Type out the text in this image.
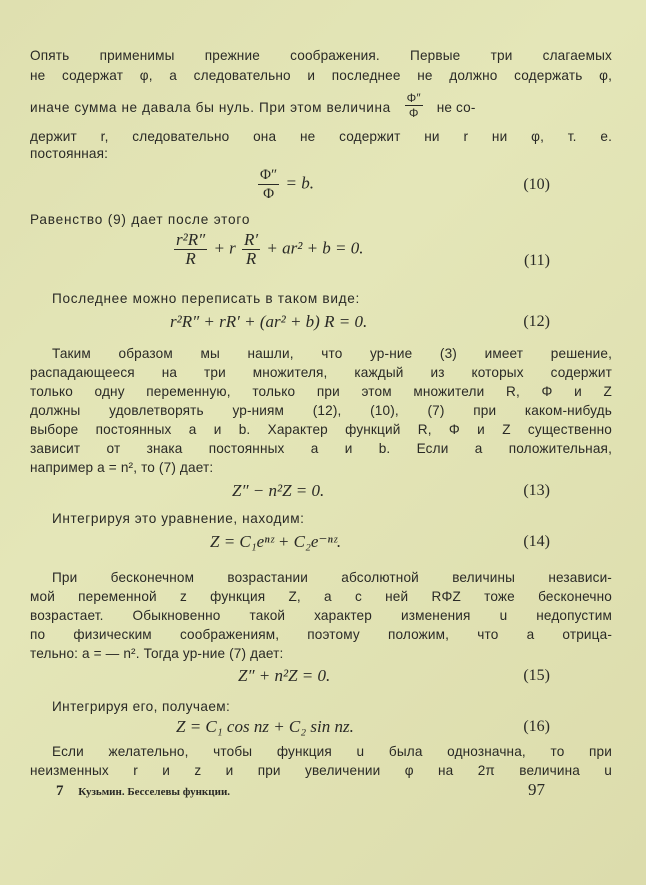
Опять применимы прежние соображения. Первые три слагаемых
не содержат φ, а следовательно и последнее не должно содержать φ,
иначе сумма не давала бы нуль. При этом величина $\frac{\Phi''}{\Phi}$ не со-
держит r, следовательно она не содержит ни r ни φ, т. е.
постоянная:
$\frac{\Phi''}{\Phi} = b$.	(10)
Равенство (9) дает после этого
$\frac{\text{r²R″}}{R} + r \frac{R'}{R} + ar^2 + b = 0$.
(11)
Последнее можно переписать в таком виде:
r²R″ + rR′ + (ar² + b) R = 0.	(12)
Таким образом мы нашли, что ур-ние (3) имеет решение,
распадающееся на три множителя, каждый из которых содержит
только одну переменную, только при этом множители R, Φ и Z
должны удовлетворять ур-ниям (12), (10), (7) при каком-нибудь
выборе постоянных a и b. Характер функций R, Φ и Z существенно
зависит от знака постоянных a и b. Если a положительная,
например a = n², то (7) дает:
Z″ − n²Z = 0.	(13)
Интегрируя это уравнение, находим:
Z = C₁eⁿᶻ + C₂e⁻ⁿᶻ.	(14)
При бесконечном возрастании абсолютной величины независи-
мой переменной z функция Z, а с ней RΦZ тоже бесконечно
возрастает. Обыкновенно такой характер изменения u недопустим
по физическим соображениям, поэтому положим, что a отрица-
тельно: a = — n². Тогда ур-ние (7) дает:
Z″ + n²Z = 0.	(15)
Интегрируя его, получаем:
Z = C₁ cos nz + C₂ sin nz.	(16)
Если желательно, чтобы функция u была однозначна, то при
неизменных r и z и при увеличении φ на 2π величина u
7 Кузьмин. Бесселевы функции.	97
